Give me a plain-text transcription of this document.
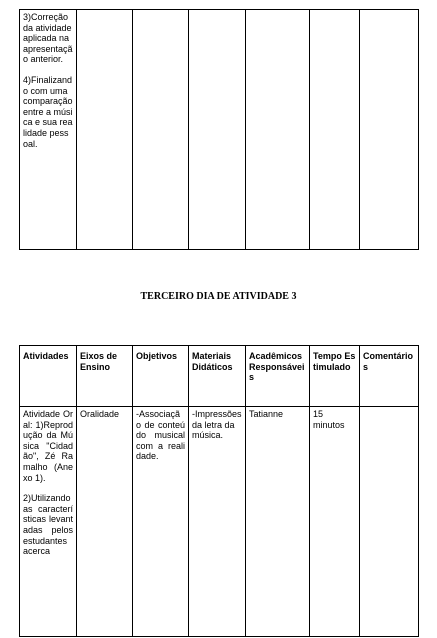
3)Correção da atividade aplicada na apresentação anterior.

4)Finalizando com uma comparação entre a música e sua realidade pessoal.

TERCEIRO DIA DE ATIVIDADE 3
Atividades	Eixos de Ensino	Objetivos	Materiais Didáticos	Acadêmicos Responsáveis	Tempo Estimulado	Comentários

Atividade Oral: 1)Reprodução da Música "Cidadão", Zé Ramalho (Anexo 1).

2)Utilizando as características levantadas pelos estudantes acerca	Oralidade	-Associação de conteúdo musical com a realidade.	-Impressões da letra da música.	Tatianne	15 minutos	
